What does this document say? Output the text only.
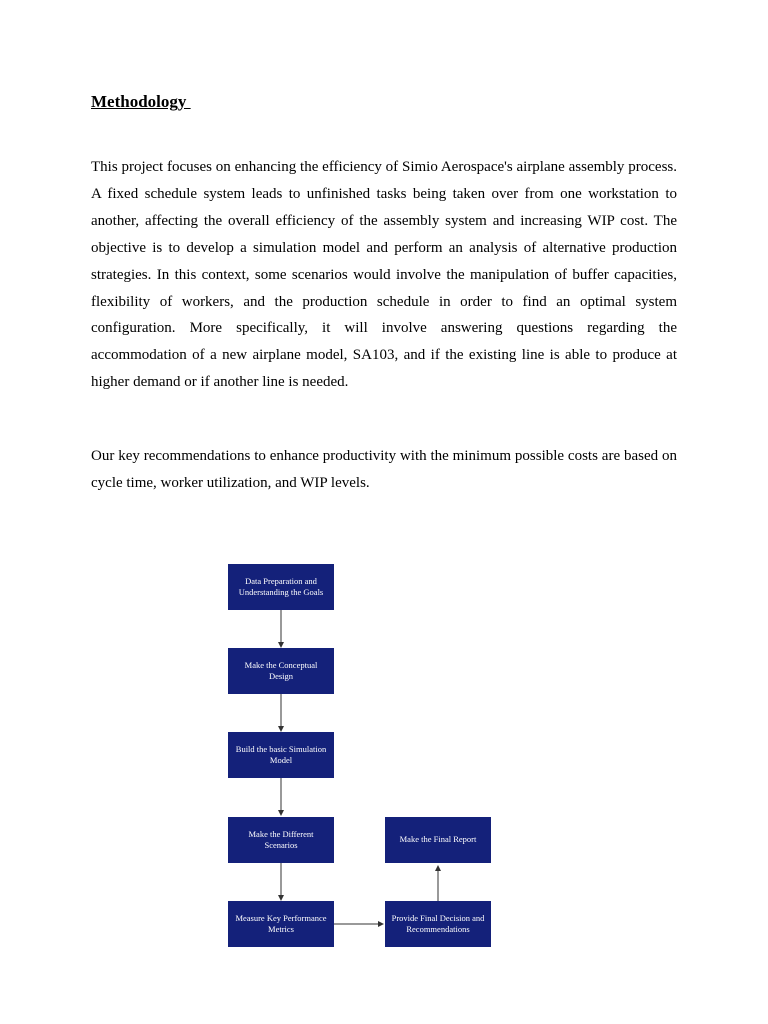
Methodology

This project focuses on enhancing the efficiency of Simio Aerospace's airplane assembly process. A fixed schedule system leads to unfinished tasks being taken over from one workstation to another, affecting the overall efficiency of the assembly system and increasing WIP cost. The objective is to develop a simulation model and perform an analysis of alternative production strategies. In this context, some scenarios would involve the manipulation of buffer capacities, flexibility of workers, and the production schedule in order to find an optimal system configuration. More specifically, it will involve answering questions regarding the accommodation of a new airplane model, SA103, and if the existing line is able to produce at higher demand or if another line is needed.

Our key recommendations to enhance productivity with the minimum possible costs are based on cycle time, worker utilization, and WIP levels.

Data Preparation and Understanding the Goals
Make the Conceptual Design
Build the basic Simulation Model
Make the Different Scenarios
Measure Key Performance Metrics
Provide Final Decision and Recommendations
Make the Final Report
